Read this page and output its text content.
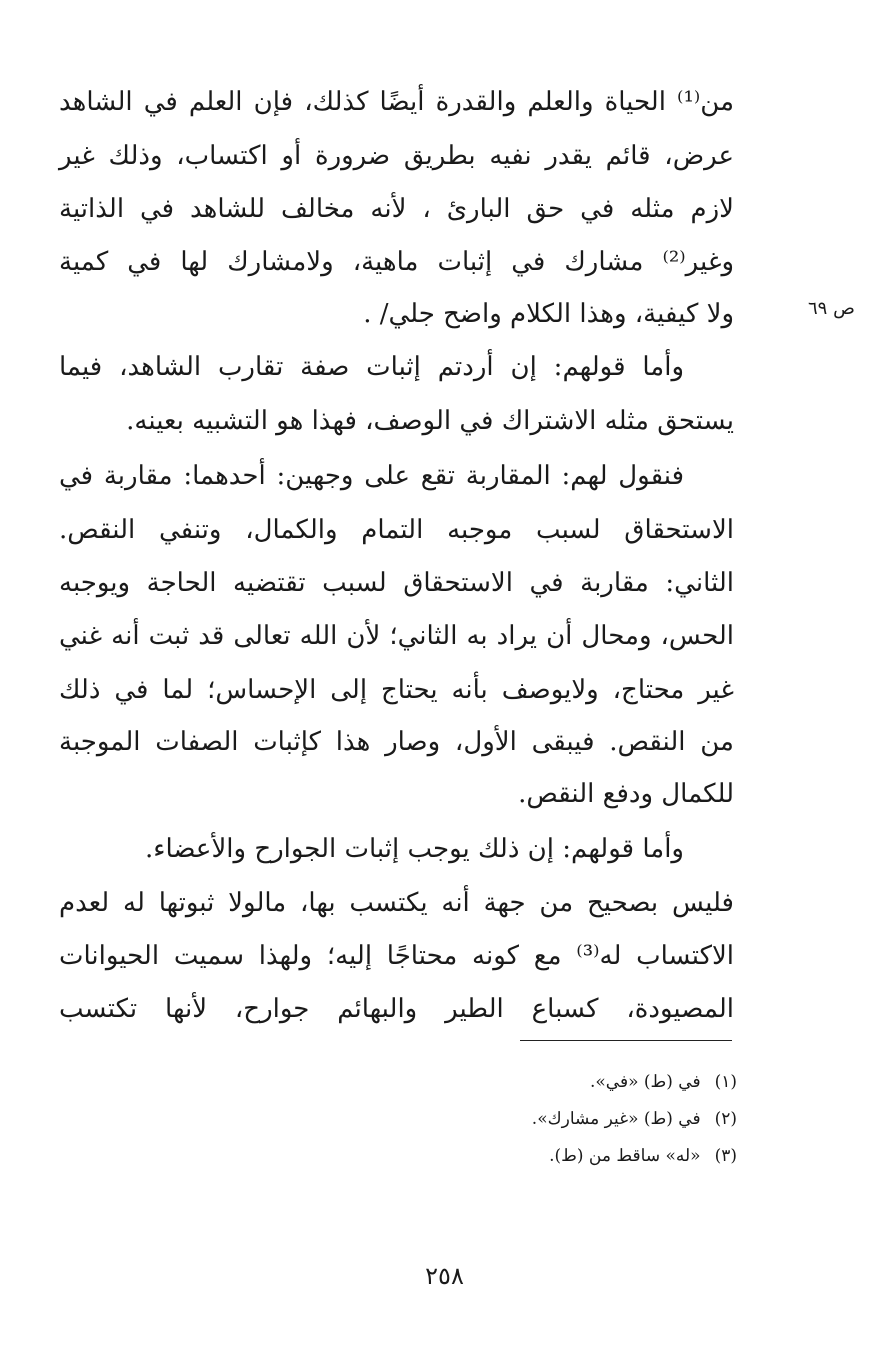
ص ٦٩
من⁽¹⁾ الحياة والعلم والقدرة أيضًا كذلك، فإن العلم في الشاهد
عرض، قائم يقدر نفيه بطريق ضرورة أو اكتساب، وذلك غير
لازم مثله في حق البارئ ، لأنه مخالف للشاهد في الذاتية
وغير⁽²⁾ مشارك في إثبات ماهية، ولامشارك لها في كمية
ولا كيفية، وهذا الكلام واضح جلي/ .
وأما قولهم: إن أردتم إثبات صفة تقارب الشاهد، فيما
يستحق مثله الاشتراك في الوصف، فهذا هو التشبيه بعينه.
فنقول لهم: المقاربة تقع على وجهين: أحدهما: مقاربة في
الاستحقاق لسبب موجبه التمام والكمال، وتنفي النقص.
الثاني: مقاربة في الاستحقاق لسبب تقتضيه الحاجة ويوجبه
الحس، ومحال أن يراد به الثاني؛ لأن الله تعالى قد ثبت أنه غني
غير محتاج، ولايوصف بأنه يحتاج إلى الإحساس؛ لما في ذلك
من النقص. فيبقى الأول، وصار هذا كإثبات الصفات الموجبة
للكمال ودفع النقص.
وأما قولهم: إن ذلك يوجب إثبات الجوارح والأعضاء.
فليس بصحيح من جهة أنه يكتسب بها، مالولا ثبوتها له لعدم
الاكتساب له⁽³⁾ مع كونه محتاجًا إليه؛ ولهذا سميت الحيوانات
المصيودة، كسباع الطير والبهائم جوارح، لأنها تكتسب
(١)في (ط) «في».
(٢)في (ط) «غير مشارك».
(٣)«له» ساقط من (ط).
٢٥٨
